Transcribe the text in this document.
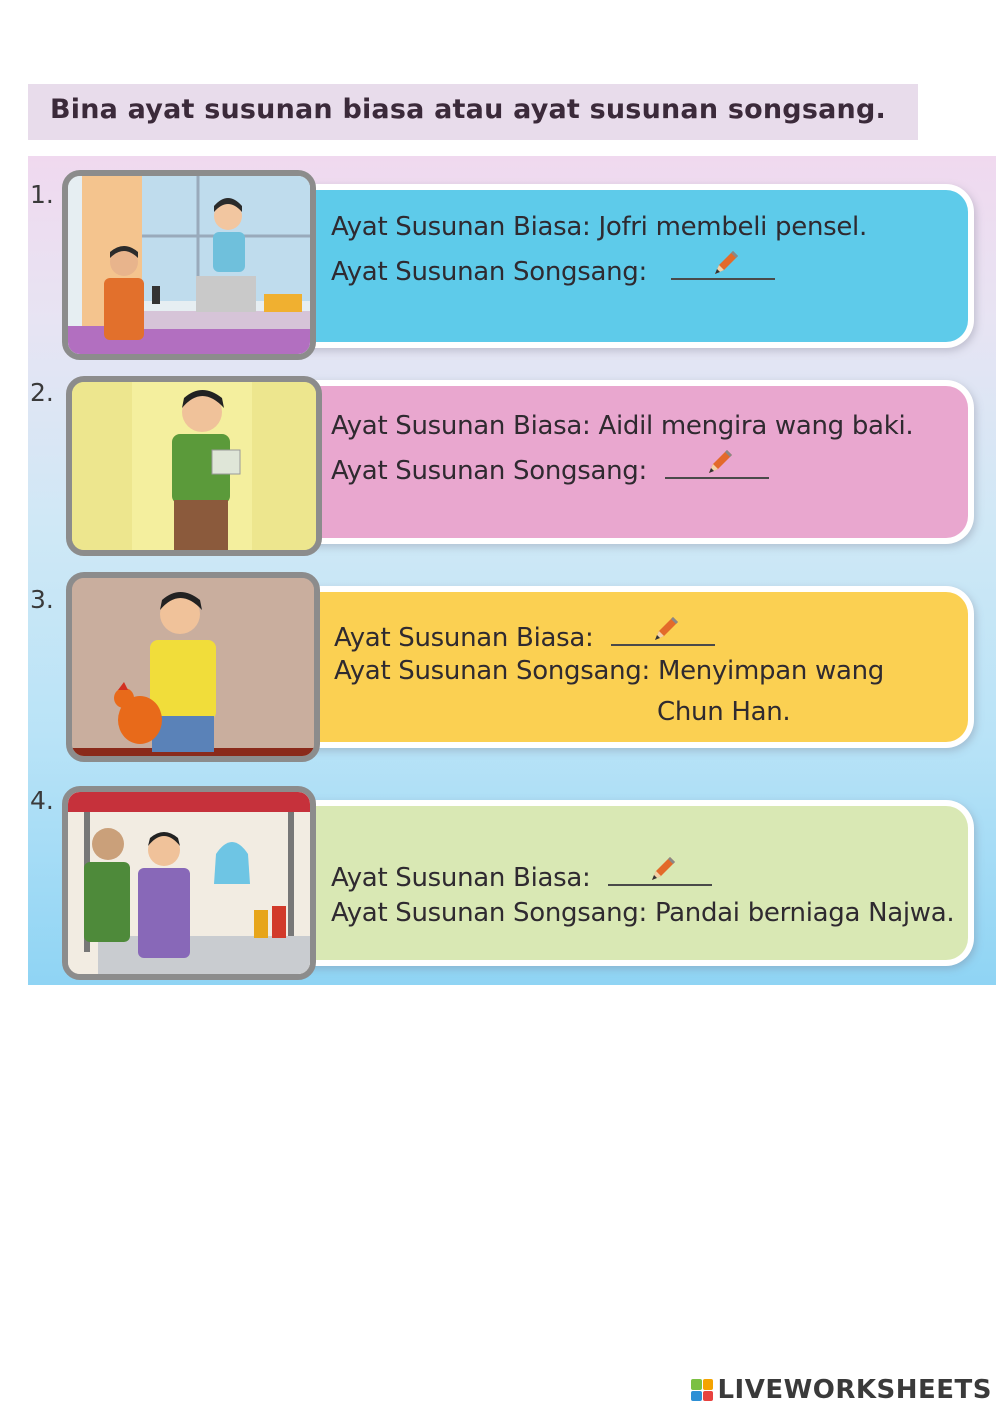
Bina ayat susunan biasa atau ayat susunan songsang.
1.
Ayat Susunan Biasa: Jofri membeli pensel.
Ayat Susunan Songsang:
2.
Ayat Susunan Biasa: Aidil mengira wang baki.
Ayat Susunan Songsang:
3.
Ayat Susunan Biasa:
Ayat Susunan Songsang: Menyimpan wang
Chun Han.
4.
Ayat Susunan Biasa:
Ayat Susunan Songsang: Pandai berniaga Najwa.
LIVEWORKSHEETS
